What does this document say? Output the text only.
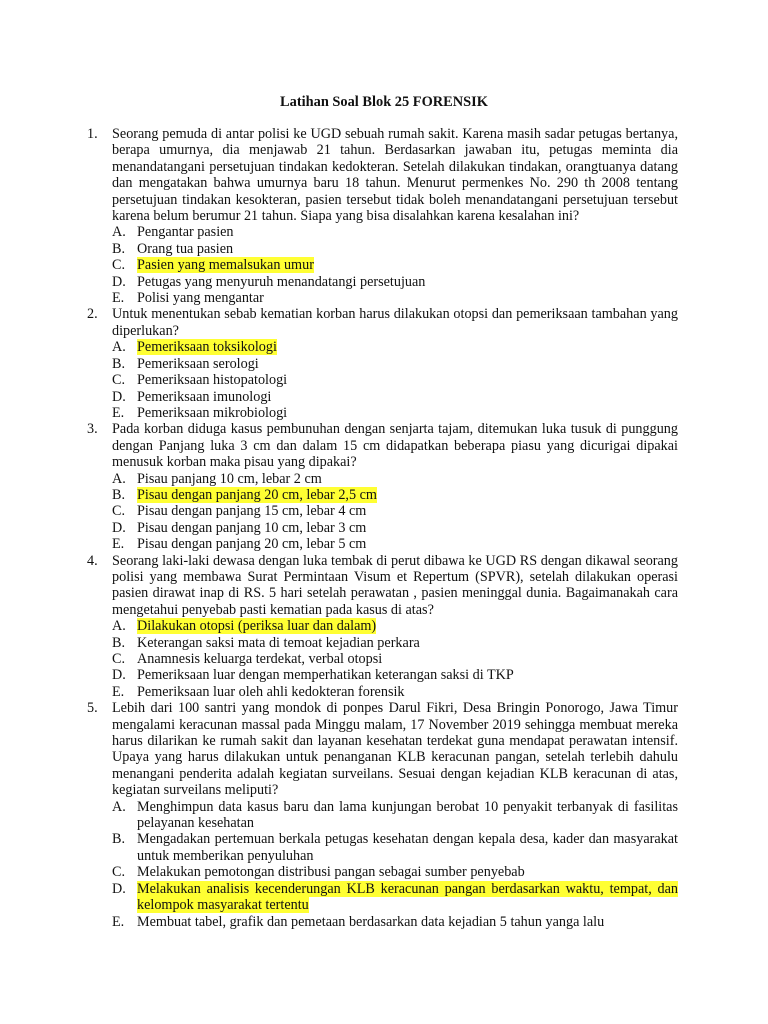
Latihan Soal Blok 25 FORENSIK
1. Seorang pemuda di antar polisi ke UGD sebuah rumah sakit. Karena masih sadar petugas bertanya, berapa umurnya, dia menjawab 21 tahun. Berdasarkan jawaban itu, petugas meminta dia menandatangani persetujuan tindakan kedokteran. Setelah dilakukan tindakan, orangtuanya datang dan mengatakan bahwa umurnya baru 18 tahun. Menurut permenkes No. 290 th 2008 tentang persetujuan tindakan kesokteran, pasien tersebut tidak boleh menandatangani persetujuan tersebut karena belum berumur 21 tahun. Siapa yang bisa disalahkan karena kesalahan ini?
A. Pengantar pasien
B. Orang tua pasien
C. Pasien yang memalsukan umur
D. Petugas yang menyuruh menandatangi persetujuan
E. Polisi yang mengantar
2. Untuk menentukan sebab kematian korban harus dilakukan otopsi dan pemeriksaan tambahan yang diperlukan?
A. Pemeriksaan toksikologi
B. Pemeriksaan serologi
C. Pemeriksaan histopatologi
D. Pemeriksaan imunologi
E. Pemeriksaan mikrobiologi
3. Pada korban diduga kasus pembunuhan dengan senjarta tajam, ditemukan luka tusuk di punggung dengan Panjang luka 3 cm dan dalam 15 cm didapatkan beberapa piasu yang dicurigai dipakai menusuk korban maka pisau yang dipakai?
A. Pisau panjang 10 cm, lebar 2 cm
B. Pisau dengan panjang 20 cm, lebar 2,5 cm
C. Pisau dengan panjang 15 cm, lebar 4 cm
D. Pisau dengan panjang 10 cm, lebar 3 cm
E. Pisau dengan panjang 20 cm, lebar 5 cm
4. Seorang laki-laki dewasa dengan luka tembak di perut dibawa ke UGD RS dengan dikawal seorang polisi yang membawa Surat Permintaan Visum et Repertum (SPVR), setelah dilakukan operasi pasien dirawat inap di RS. 5 hari setelah perawatan , pasien meninggal dunia. Bagaimanakah cara mengetahui penyebab pasti kematian pada kasus di atas?
A. Dilakukan otopsi (periksa luar dan dalam)
B. Keterangan saksi mata di temoat kejadian perkara
C. Anamnesis keluarga terdekat, verbal otopsi
D. Pemeriksaan luar dengan memperhatikan keterangan saksi di TKP
E. Pemeriksaan luar oleh ahli kedokteran forensik
5. Lebih dari 100 santri yang mondok di ponpes Darul Fikri, Desa Bringin Ponorogo, Jawa Timur mengalami keracunan massal pada Minggu malam, 17 November 2019 sehingga membuat mereka harus dilarikan ke rumah sakit dan layanan kesehatan terdekat guna mendapat perawatan intensif. Upaya yang harus dilakukan untuk penanganan KLB keracunan pangan, setelah terlebih dahulu menangani penderita adalah kegiatan surveilans. Sesuai dengan kejadian KLB keracunan di atas, kegiatan surveilans meliputi?
A. Menghimpun data kasus baru dan lama kunjungan berobat 10 penyakit terbanyak di fasilitas pelayanan kesehatan
B. Mengadakan pertemuan berkala petugas kesehatan dengan kepala desa, kader dan masyarakat untuk memberikan penyuluhan
C. Melakukan pemotongan distribusi pangan sebagai sumber penyebab
D. Melakukan analisis kecenderungan KLB keracunan pangan berdasarkan waktu, tempat, dan kelompok masyarakat tertentu
E. Membuat tabel, grafik dan pemetaan berdasarkan data kejadian 5 tahun yanga lalu
